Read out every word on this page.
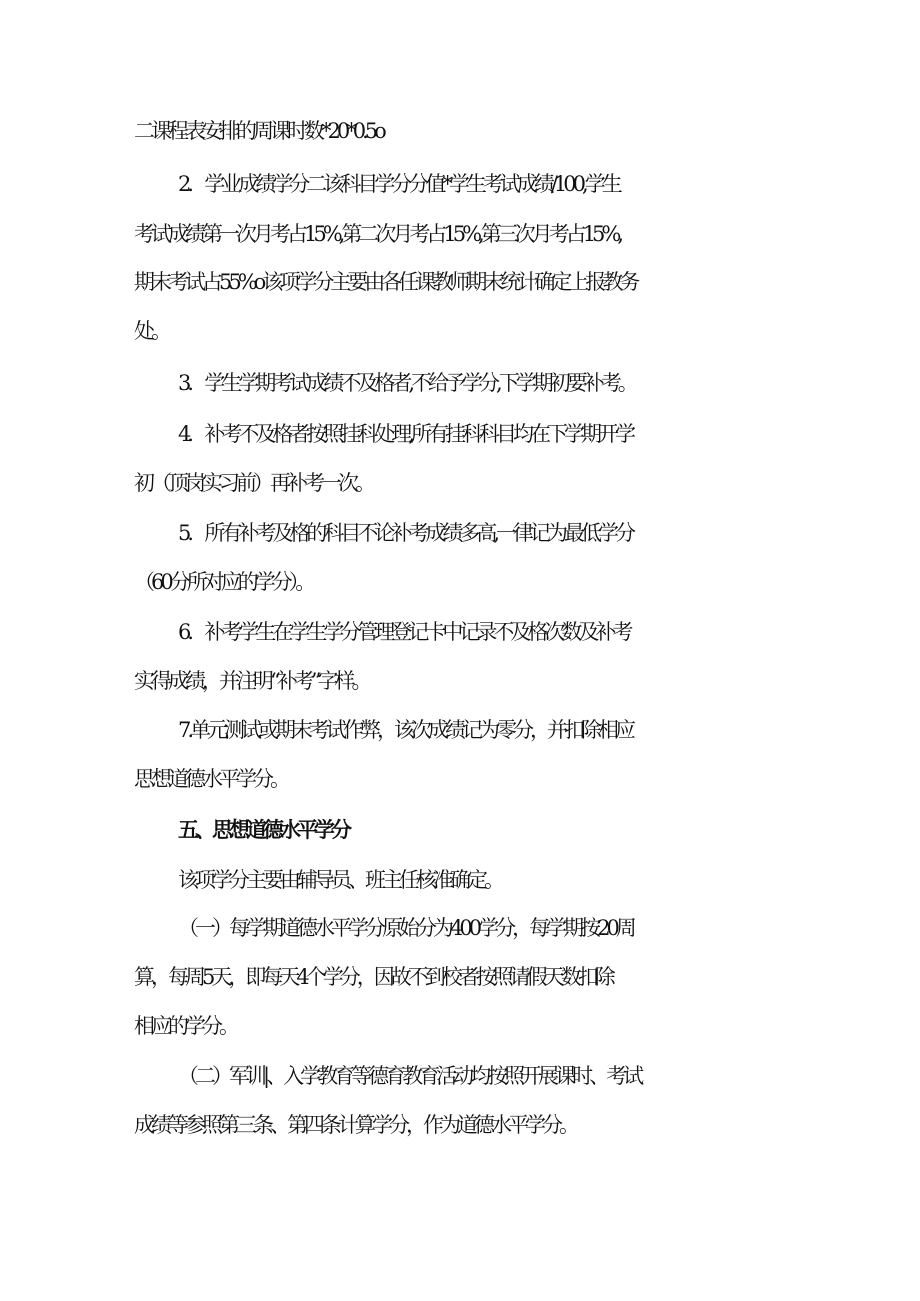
二课程表安排的周课时数*20*0.5o
2．学业成绩学分二该科目学分分值*学生考试成绩/100,学生
考试成绩第一次月考占15%,第二次月考占15%,第三次月考占15%,
期末考试占55%o该项学分主要由各任课教师期末统计确定上报教务
处。
3．学生学期考试成绩不及格者,不给予学分,下学期初要补考。
4．补考不及格者按照挂科处理,所有挂科科目均在下学期开学
初（顶岗实习前）再补考一次。
5．所有补考及格的科目不论补考成绩多高,一律记为最低学分
（60分所对应的学分）。
6．补考学生在学生学分管理登记卡中记录不及格次数及补考
实得成绩，并注明“补考”字样。
7.单元测试或期末考试作弊，该次成绩记为零分，并扣除相应
思想道德水平学分。
五、思想道德水平学分
该项学分主要由辅导员、班主任核准确定。
（一）每学期道德水平学分原始分为400学分，每学期按20周
算，每周5天，即每天4个学分，因故不到校者按照请假天数扣除
相应的学分。
（二）军训|、入学教育等德育教育活动均按照开展课时、考试
成绩等参照第三条、第四条计算学分，作为道德水平学分。
